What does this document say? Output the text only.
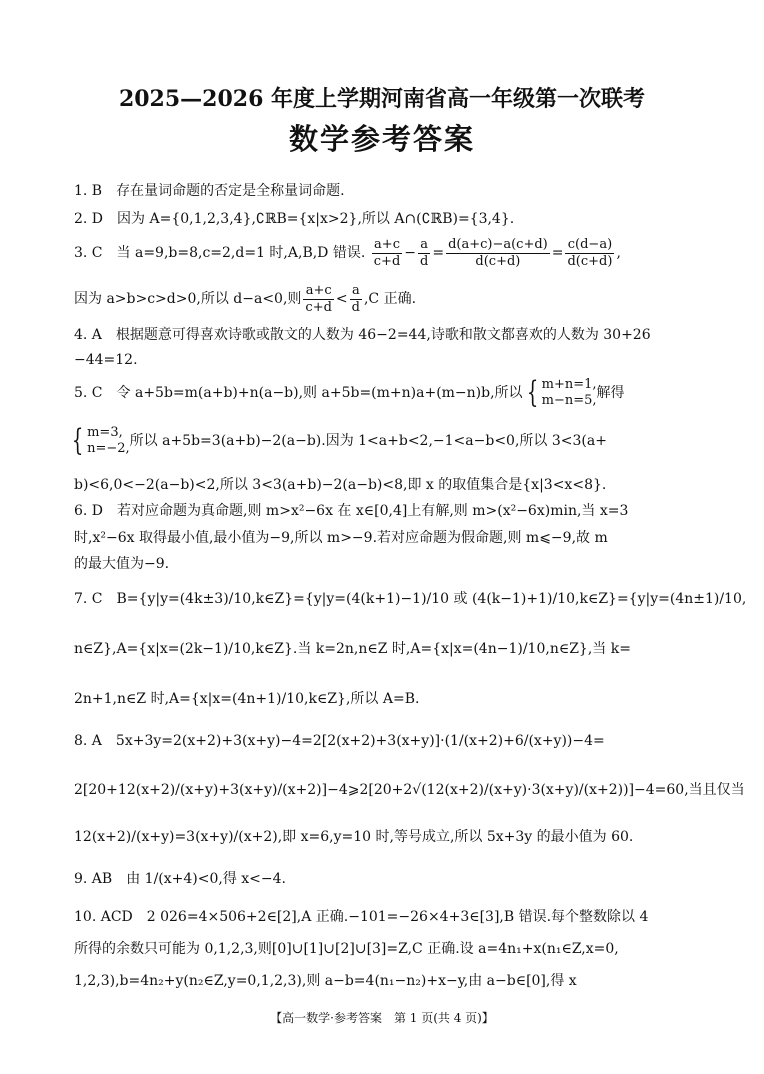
2025—2026 年度上学期河南省高一年级第一次联考
数学参考答案
1. B　存在量词命题的否定是全称量词命题.
2. D　因为 A={0,1,2,3,4},∁ℝB={x|x>2},所以 A∩(∁ℝB)={3,4}.
3. C　当 a=9,b=8,c=2,d=1 时,A,B,D 错误. $\frac{a+c}{c+d} - \frac{a}{d} = \frac{d(a+c)-a(c+d)}{d(c+d)} = \frac{c(d-a)}{d(c+d)}$ ,
因为 a>b>c>d>0,所以 d−a<0,则 $\frac{a+c}{c+d} < \frac{a}{d} ,C$ 正确.
4. A　根据题意可得喜欢诗歌或散文的人数为 46−2=44,诗歌和散文都喜欢的人数为 30+26
−44=12.
5. C　令 a+5b=m(a+b)+n(a−b),则 a+5b=(m+n)a+(m−n)b,所以 { m+n=1,
m−n=5,解得
{ m=3,
n=−2,所以 a+5b=3(a+b)−2(a−b).因为 1<a+b<2,−1<a−b<0,所以 3<3(a+
b)<6,0<−2(a−b)<2,所以 3<3(a+b)−2(a−b)<8,即 x 的取值集合是{x|3<x<8}.
6. D　若对应命题为真命题,则 m>x²−6x 在 x∈[0,4]上有解,则 m>(x²−6x)min,当 x=3
时,x²−6x 取得最小值,最小值为−9,所以 m>−9.若对应命题为假命题,则 m⩽−9,故 m
的最大值为−9.
7. C　B={y|y=(4k±3)/10,k∈Z}={y|y=(4(k+1)−1)/10 或 (4(k−1)+1)/10,k∈Z}={y|y=(4n±1)/10,
n∈Z},A={x|x=(2k−1)/10,k∈Z}.当 k=2n,n∈Z 时,A={x|x=(4n−1)/10,n∈Z},当 k=
2n+1,n∈Z 时,A={x|x=(4n+1)/10,k∈Z},所以 A=B.
8. A　5x+3y=2(x+2)+3(x+y)−4=2[2(x+2)+3(x+y)]·(1/(x+2)+6/(x+y))−4=
2[20+12(x+2)/(x+y)+3(x+y)/(x+2)]−4⩾2[20+2√(12(x+2)/(x+y)·3(x+y)/(x+2))]−4=60,当且仅当
12(x+2)/(x+y)=3(x+y)/(x+2),即 x=6,y=10 时,等号成立,所以 5x+3y 的最小值为 60.
9. AB　由 1/(x+4)<0,得 x<−4.
10. ACD　2 026=4×506+2∈[2],A 正确.−101=−26×4+3∈[3],B 错误.每个整数除以 4
所得的余数只可能为 0,1,2,3,则[0]∪[1]∪[2]∪[3]=Z,C 正确.设 a=4n₁+x(n₁∈Z,x=0,
1,2,3),b=4n₂+y(n₂∈Z,y=0,1,2,3),则 a−b=4(n₁−n₂)+x−y,由 a−b∈[0],得 x
【高一数学·参考答案　第 1 页(共 4 页)】
